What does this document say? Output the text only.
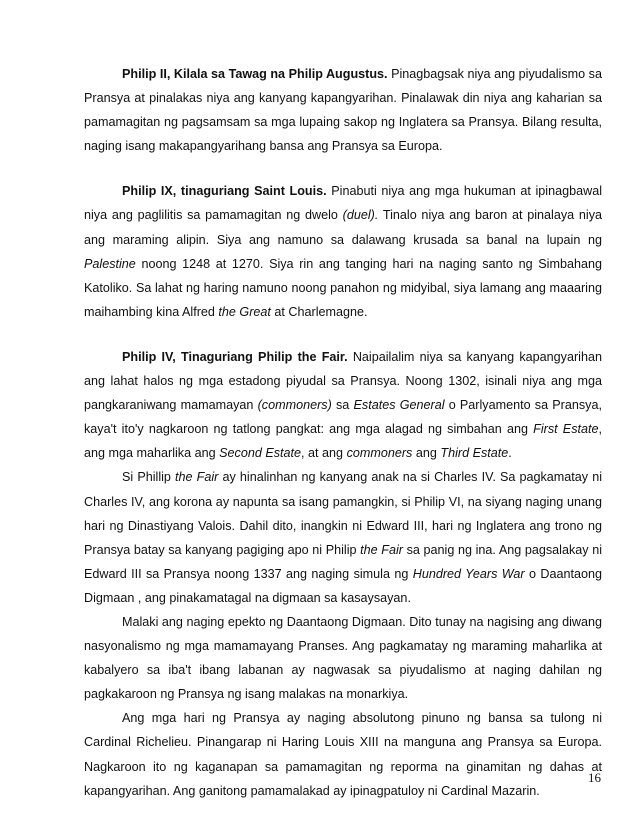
Philip II, Kilala sa Tawag na Philip Augustus. Pinagbagsak niya ang piyudalismo sa Pransya at pinalakas niya ang kanyang kapangyarihan. Pinalawak din niya ang kaharian sa pamamagitan ng pagsamsam sa mga lupaing sakop ng Inglatera sa Pransya. Bilang resulta, naging isang makapangyarihang bansa ang Pransya sa Europa.

Philip IX, tinaguriang Saint Louis. Pinabuti niya ang mga hukuman at ipinagbawal niya ang paglilitis sa pamamagitan ng dwelo (duel). Tinalo niya ang baron at pinalaya niya ang maraming alipin. Siya ang namuno sa dalawang krusada sa banal na lupain ng Palestine noong 1248 at 1270. Siya rin ang tanging hari na naging santo ng Simbahang Katoliko. Sa lahat ng haring namuno noong panahon ng midyibal, siya lamang ang maaaring maihambing kina Alfred the Great at Charlemagne.

Philip IV, Tinaguriang Philip the Fair. Naipailalim niya sa kanyang kapangyarihan ang lahat halos ng mga estadong piyudal sa Pransya. Noong 1302, isinali niya ang mga pangkaraniwang mamamayan (commoners) sa Estates General o Parlyamento sa Pransya, kaya't ito'y nagkaroon ng tatlong pangkat: ang mga alagad ng simbahan ang First Estate, ang mga maharlika ang Second Estate, at ang commoners ang Third Estate.

Si Phillip the Fair ay hinalinhan ng kanyang anak na si Charles IV. Sa pagkamatay ni Charles IV, ang korona ay napunta sa isang pamangkin, si Philip VI, na siyang naging unang hari ng Dinastiyang Valois. Dahil dito, inangkin ni Edward III, hari ng Inglatera ang trono ng Pransya batay sa kanyang pagiging apo ni Philip the Fair sa panig ng ina. Ang pagsalakay ni Edward III sa Pransya noong 1337 ang naging simula ng Hundred Years War o Daantaong Digmaan , ang pinakamatagal na digmaan sa kasaysayan.

Malaki ang naging epekto ng Daantaong Digmaan. Dito tunay na nagising ang diwang nasyonalismo ng mga mamamayang Pranses. Ang pagkamatay ng maraming maharlika at kabalyero sa iba't ibang labanan ay nagwasak sa piyudalismo at naging dahilan ng pagkakaroon ng Pransya ng isang malakas na monarkiya.

Ang mga hari ng Pransya ay naging absolutong pinuno ng bansa sa tulong ni Cardinal Richelieu. Pinangarap ni Haring Louis XIII na manguna ang Pransya sa Europa. Nagkaroon ito ng kaganapan sa pamamagitan ng reporma na ginamitan ng dahas at kapangyarihan. Ang ganitong pamamalakad ay ipinagpatuloy ni Cardinal Mazarin.

16
